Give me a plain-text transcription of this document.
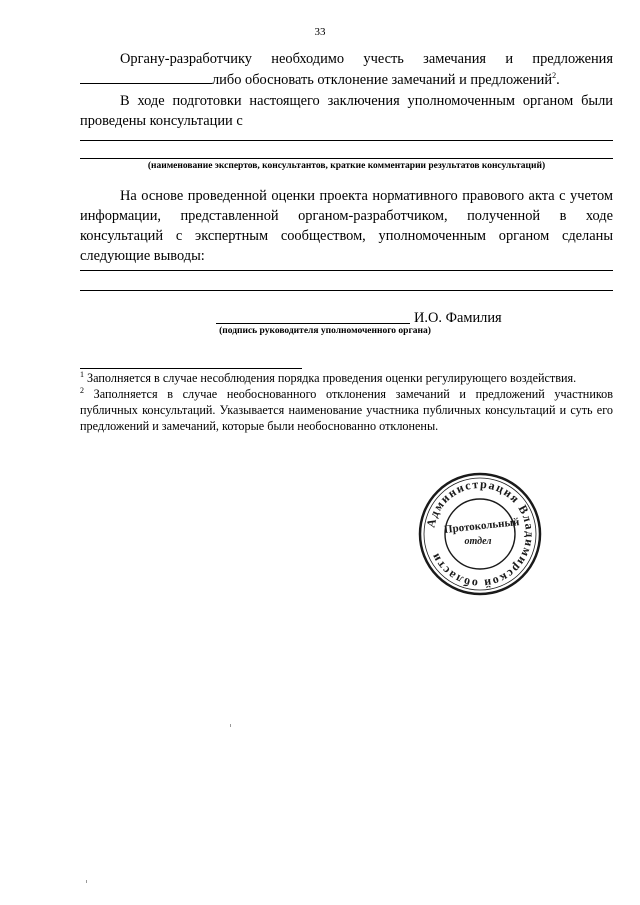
33
Органу-разработчику необходимо учесть замечания и предложения
либо обосновать отклонение замечаний и предложений$^2$.
В ходе подготовки настоящего заключения уполномоченным органом были
проведены консультации с
(наименование экспертов, консультантов, краткие комментарии результатов консультаций)
На основе проведенной оценки проекта нормативного правового акта с учетом информации, представленной органом-разработчиком, полученной в ходе консультаций с экспертным сообществом, уполномоченным органом сделаны следующие выводы:
И.О. Фамилия
(подпись руководителя уполномоченного органа)
$^1$ Заполняется в случае несоблюдения порядка проведения оценки регулирующего воздействия.
$^2$ Заполняется в случае необоснованного отклонения замечаний и предложений участников публичных консультаций. Указывается наименование участника публичных консультаций и суть его предложений и замечаний, которые были необоснованно отклонены.
Администрация Владимирской области
Протокольный
отдел
